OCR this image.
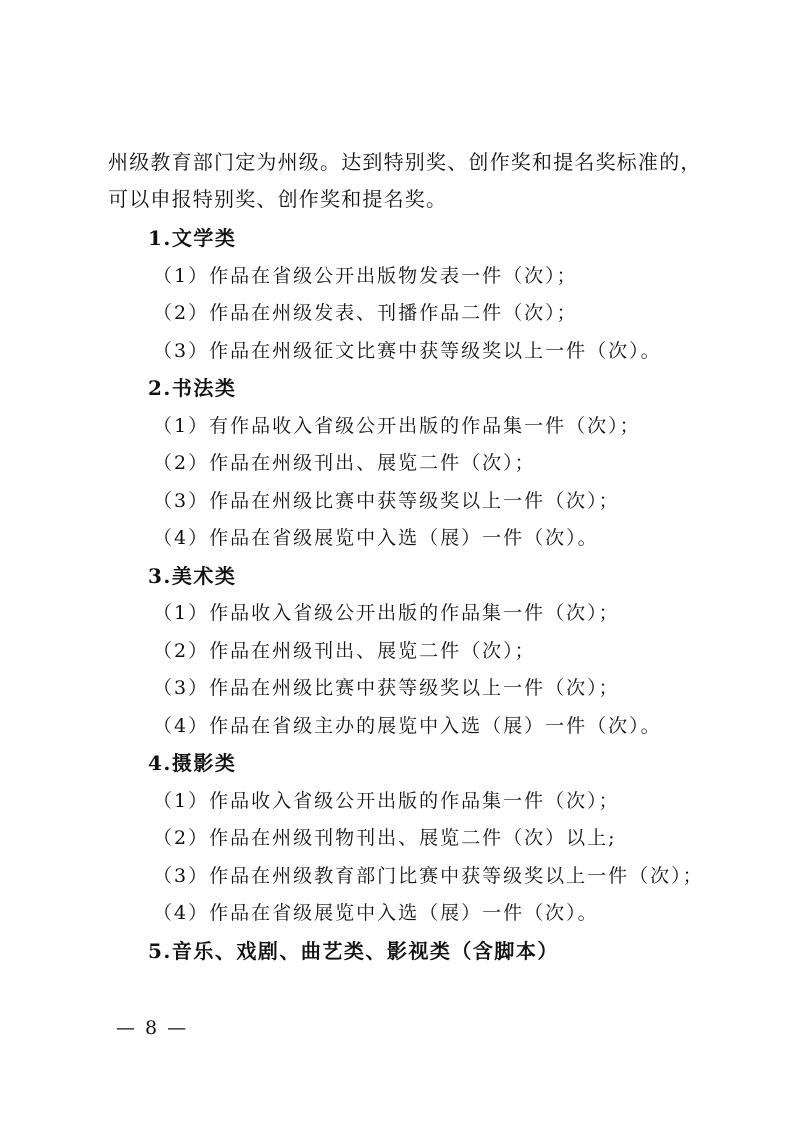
州级教育部门定为州级。达到特别奖、创作奖和提名奖标准的，

可以申报特别奖、创作奖和提名奖。

1.文学类

（1）作品在省级公开出版物发表一件（次）；

（2）作品在州级发表、刊播作品二件（次）；

（3）作品在州级征文比赛中获等级奖以上一件（次）。

2.书法类

（1）有作品收入省级公开出版的作品集一件（次）；

（2）作品在州级刊出、展览二件（次）；

（3）作品在州级比赛中获等级奖以上一件（次）；

（4）作品在省级展览中入选（展）一件（次）。

3.美术类

（1）作品收入省级公开出版的作品集一件（次）；

（2）作品在州级刊出、展览二件（次）；

（3）作品在州级比赛中获等级奖以上一件（次）；

（4）作品在省级主办的展览中入选（展）一件（次）。

4.摄影类

（1）作品收入省级公开出版的作品集一件（次）；

（2）作品在州级刊物刊出、展览二件（次）以上;

（3）作品在州级教育部门比赛中获等级奖以上一件（次）；

（4）作品在省级展览中入选（展）一件（次）。

5.音乐、戏剧、曲艺类、影视类（含脚本）

— 8 —
